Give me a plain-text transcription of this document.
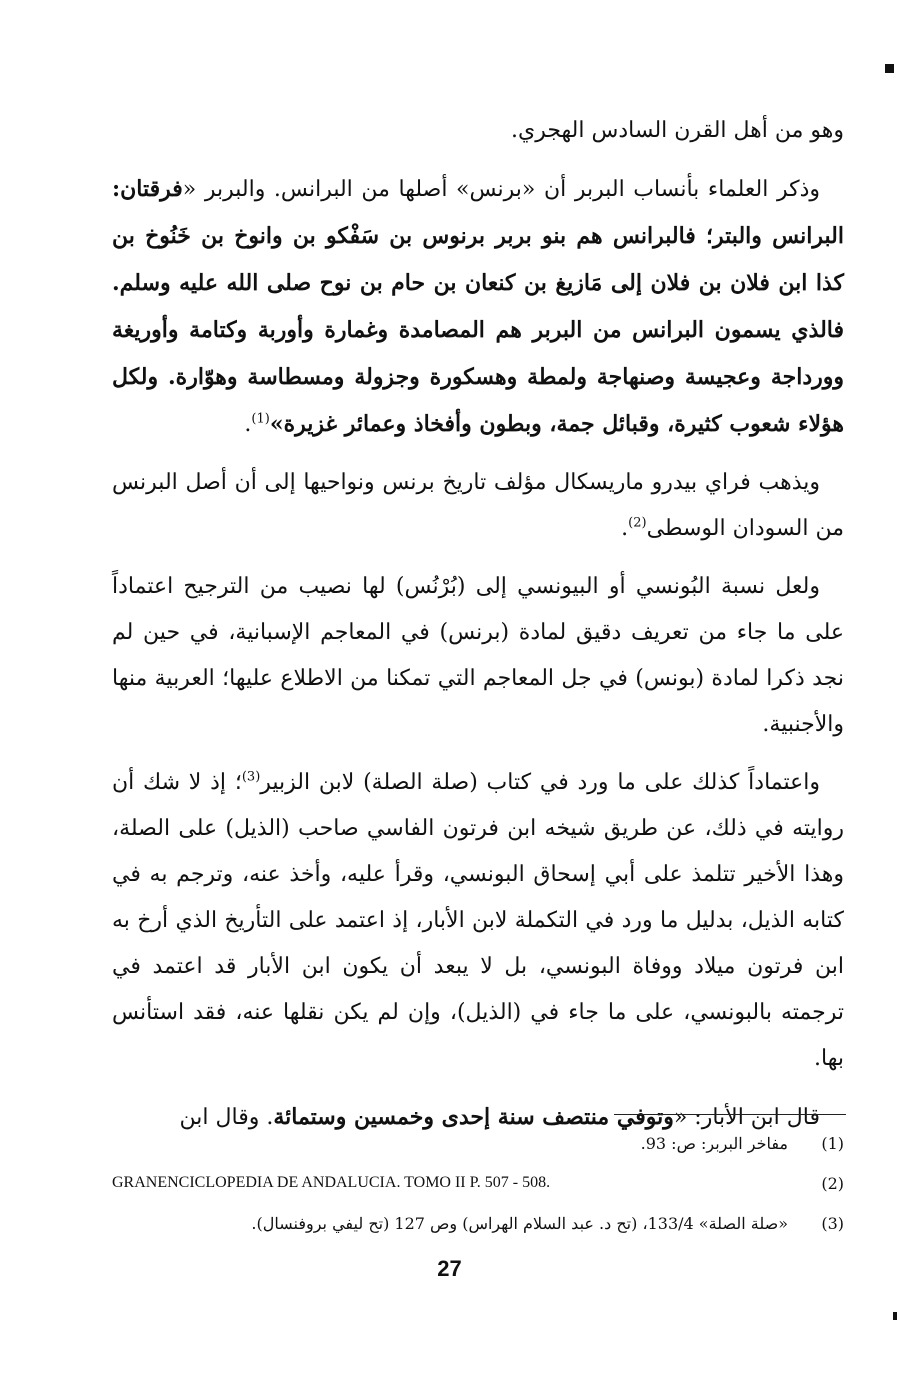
وهو من أهل القرن السادس الهجري.

وذكر العلماء بأنساب البربر أن «برنس» أصلها من البرانس. والبربر «فرقتان: البرانس والبتر؛ فالبرانس هم بنو بربر برنوس بن سَفْكو بن وانوخ بن خَنُوخ بن كذا ابن فلان بن فلان إلى مَازيغ بن كنعان بن حام بن نوح صلى الله عليه وسلم. فالذي يسمون البرانس من البربر هم المصامدة وغمارة وأوربة وكتامة وأوريغة وورداجة وعجيسة وصنهاجة ولمطة وهسكورة وجزولة ومسطاسة وهوّارة. ولكل هؤلاء شعوب كثيرة، وقبائل جمة، وبطون وأفخاذ وعمائر غزيرة»$^{(1)}$.

ويذهب فراي بيدرو ماريسكال مؤلف تاريخ برنس ونواحيها إلى أن أصل البرنس من السودان الوسطى$^{(2)}$.

ولعل نسبة البُونسي أو البيونسي إلى (بُرْنُس) لها نصيب من الترجيح اعتماداً على ما جاء من تعريف دقيق لمادة (برنس) في المعاجم الإسبانية، في حين لم نجد ذكرا لمادة (بونس) في جل المعاجم التي تمكنا من الاطلاع عليها؛ العربية منها والأجنبية.

واعتماداً كذلك على ما ورد في كتاب (صلة الصلة) لابن الزبير$^{(3)}$؛ إذ لا شك أن روايته في ذلك، عن طريق شيخه ابن فرتون الفاسي صاحب (الذيل) على الصلة، وهذا الأخير تتلمذ على أبي إسحاق البونسي، وقرأ عليه، وأخذ عنه، وترجم به في كتابه الذيل، بدليل ما ورد في التكملة لابن الأبار، إذ اعتمد على التأريخ الذي أرخ به ابن فرتون ميلاد ووفاة البونسي، بل لا يبعد أن يكون ابن الأبار قد اعتمد في ترجمته بالبونسي، على ما جاء في (الذيل)، وإن لم يكن نقلها عنه، فقد استأنس بها.

قال ابن الأبار: «وتوفي منتصف سنة إحدى وخمسين وستمائة. وقال ابن

(1)
مفاخر البربر: ص: 93.
(2)
GRANENCICLOPEDIA DE ANDALUCIA. TOMO II P. 507 - 508.
(3)
«صلة الصلة» 133/4، (تح د. عبد السلام الهراس) وص 127 (تح ليفي بروفنسال).
27
